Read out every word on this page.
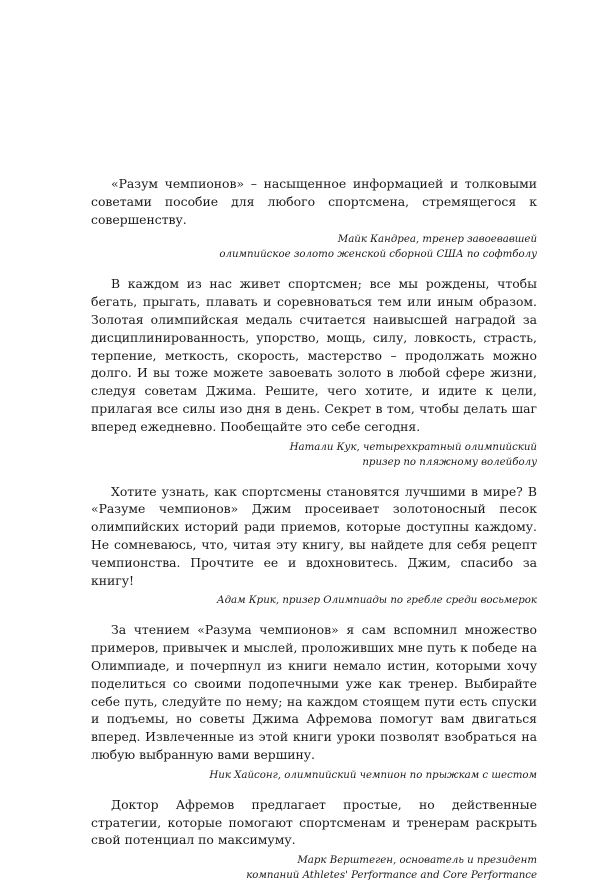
«Разум чемпионов» – насыщенное информацией и толковыми советами пособие для любого спортсмена, стремящегося к совершенству.

Майк Кандреа, тренер завоевавшей
олимпийское золото женской сборной США по софтболу

В каждом из нас живет спортсмен; все мы рождены, чтобы бегать, прыгать, плавать и соревноваться тем или иным образом. Золотая олимпийская медаль считается наивысшей наградой за дисциплинированность, упорство, мощь, силу, ловкость, страсть, терпение, меткость, скорость, мастерство – продолжать можно долго. И вы тоже можете завоевать золото в любой сфере жизни, следуя советам Джима. Решите, чего хотите, и идите к цели, прилагая все силы изо дня в день. Секрет в том, чтобы делать шаг вперед ежедневно. Пообещайте это себе сегодня.

Натали Кук, четырехкратный олимпийский
призер по пляжному волейболу

Хотите узнать, как спортсмены становятся лучшими в мире? В «Разуме чемпионов» Джим просеивает золотоносный песок олимпийских историй ради приемов, которые доступны каждому. Не сомневаюсь, что, читая эту книгу, вы найдете для себя рецепт чемпионства. Прочтите ее и вдохновитесь. Джим, спасибо за книгу!

Адам Крик, призер Олимпиады по гребле среди восьмерок

За чтением «Разума чемпионов» я сам вспомнил множество примеров, привычек и мыслей, проложивших мне путь к победе на Олимпиаде, и почерпнул из книги немало истин, которыми хочу поделиться со своими подопечными уже как тренер. Выбирайте себе путь, следуйте по нему; на каждом стоящем пути есть спуски и подъемы, но советы Джима Афремова помогут вам двигаться вперед. Извлеченные из этой книги уроки позволят взобраться на любую выбранную вами вершину.

Ник Хайсонг, олимпийский чемпион по прыжкам с шестом

Доктор Афремов предлагает простые, но действенные стратегии, которые помогают спортсменам и тренерам раскрыть свой потенциал по максимуму.

Марк Верштеген, основатель и президент
компаний Athletes' Performance and Core Performance
